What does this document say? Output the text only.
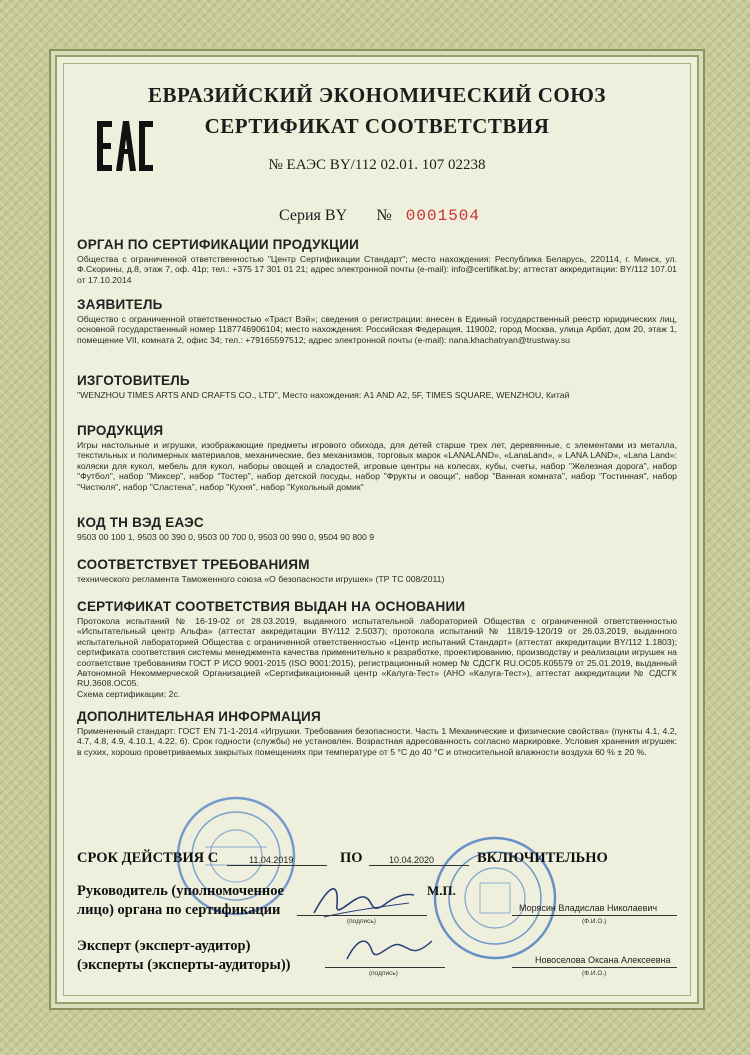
ЕВРАЗИЙСКИЙ ЭКОНОМИЧЕСКИЙ СОЮЗ
СЕРТИФИКАТ СООТВЕТСТВИЯ
№ ЕАЭС BY/112 02.01. 107 02238
Серия BY № 0001504
ОРГАН ПО СЕРТИФИКАЦИИ ПРОДУКЦИИ
Общества с ограниченной ответственностью "Центр Сертификации Стандарт"; место нахождения: Республика Беларусь, 220114, г. Минск, ул. Ф.Скорины, д.8, этаж 7, оф. 41р; тел.: +375 17 301 01 21; адрес электронной почты (e-mail): info@certifikat.by; аттестат аккредитации: BY/112 107.01 от 17.10.2014
ЗАЯВИТЕЛЬ
Общество с ограниченной ответственностью «Траст Вэй»; сведения о регистрации: внесен в Единый государственный реестр юридических лиц, основной государственный номер 1187746906104; место нахождения: Российская Федерация, 119002, город Москва, улица Арбат, дом 20, этаж 1, помещение VII, комната 2, офис 34; тел.: +79165597512; адрес электронной почты (e-mail): nana.khachatryan@trustway.su
ИЗГОТОВИТЕЛЬ
"WENZHOU TIMES ARTS AND CRAFTS CO., LTD", Место нахождения: A1 AND A2, 5F, TIMES SQUARE, WENZHOU, Китай
ПРОДУКЦИЯ
Игры настольные и игрушки, изображающие предметы игрового обихода, для детей старше трех лет, деревянные, с элементами из металла, текстильных и полимерных материалов, механические, без механизмов, торговых марок «LANALAND», «LanaLand», « LANA LAND», «Lana Land»: коляски для кукол, мебель для кукол, наборы овощей и сладостей, игровые центры на колесах, кубы, счеты, набор "Железная дорога", набор "Футбол", набор "Миксер", набор "Тостер", набор детской посуды, набор "Фрукты и овощи", набор "Ванная комната", набор "Гостинная", набор "Чистюля", набор "Сластена", набор "Кухня", набор "Кукольный домик"
КОД ТН ВЭД ЕАЭС
9503 00 100 1, 9503 00 390 0, 9503 00 700 0, 9503 00 990 0, 9504 90 800 9
СООТВЕТСТВУЕТ ТРЕБОВАНИЯМ
технического регламента Таможенного союза «О безопасности игрушек» (ТР ТС 008/2011)
СЕРТИФИКАТ СООТВЕТСТВИЯ ВЫДАН НА ОСНОВАНИИ
Протокола испытаний № 16-19-02 от 28.03.2019, выданного испытательной лабораторией Общества с ограниченной ответственностью «Испытательный центр Альфа» (аттестат аккредитации BY/112 2.5037); протокола испытаний № 118/19-120/19 от 26.03.2019, выданного испытательной лабораторией Общества с ограниченной ответственностью «Центр испытаний Стандарт» (аттестат аккредитации BY/112 1.1803); сертификата соответствия системы менеджмента качества применительно к разработке, проектированию, производству и реализации игрушек на соответствие требованиям ГОСТ Р ИСО 9001-2015 (ISO 9001:2015), регистрационный номер № СДСГК RU.ОС05.К05579 от 25.01.2019, выданный Автономной Некоммерческой Организацией «Сертификационный центр «Калуга-Тест» (АНО «Калуга-Тест»), аттестат аккредитации № СДСГК RU.3608.ОС05.
Схема сертификации: 2с.
ДОПОЛНИТЕЛЬНАЯ ИНФОРМАЦИЯ
Примененный стандарт: ГОСТ EN 71-1-2014 «Игрушки. Требования безопасности. Часть 1 Механические и физические свойства» (пункты 4.1, 4.2, 4.7, 4.8, 4.9, 4.10.1, 4.22, 6). Срок годности (службы) не установлен. Возрастная адресованность согласно маркировке. Условия хранения игрушек: в сухих, хорошо проветриваемых закрытых помещениях при температуре от 5 °С до 40 °С и относительной влажности воздуха 60 % ± 20 %.
СРОК ДЕЙСТВИЯ С	11.04.2019	ПО	10.04.2020	ВКЛЮЧИТЕЛЬНО
Руководитель (уполномоченное
лицо) органа по сертификации
М.П.
(подпись)
Морясин Владислав Николаевич
(Ф.И.О.)
Эксперт (эксперт-аудитор)
(эксперты (эксперты-аудиторы))
(подпись)
Новоселова Оксана Алексеевна
(Ф.И.О.)
